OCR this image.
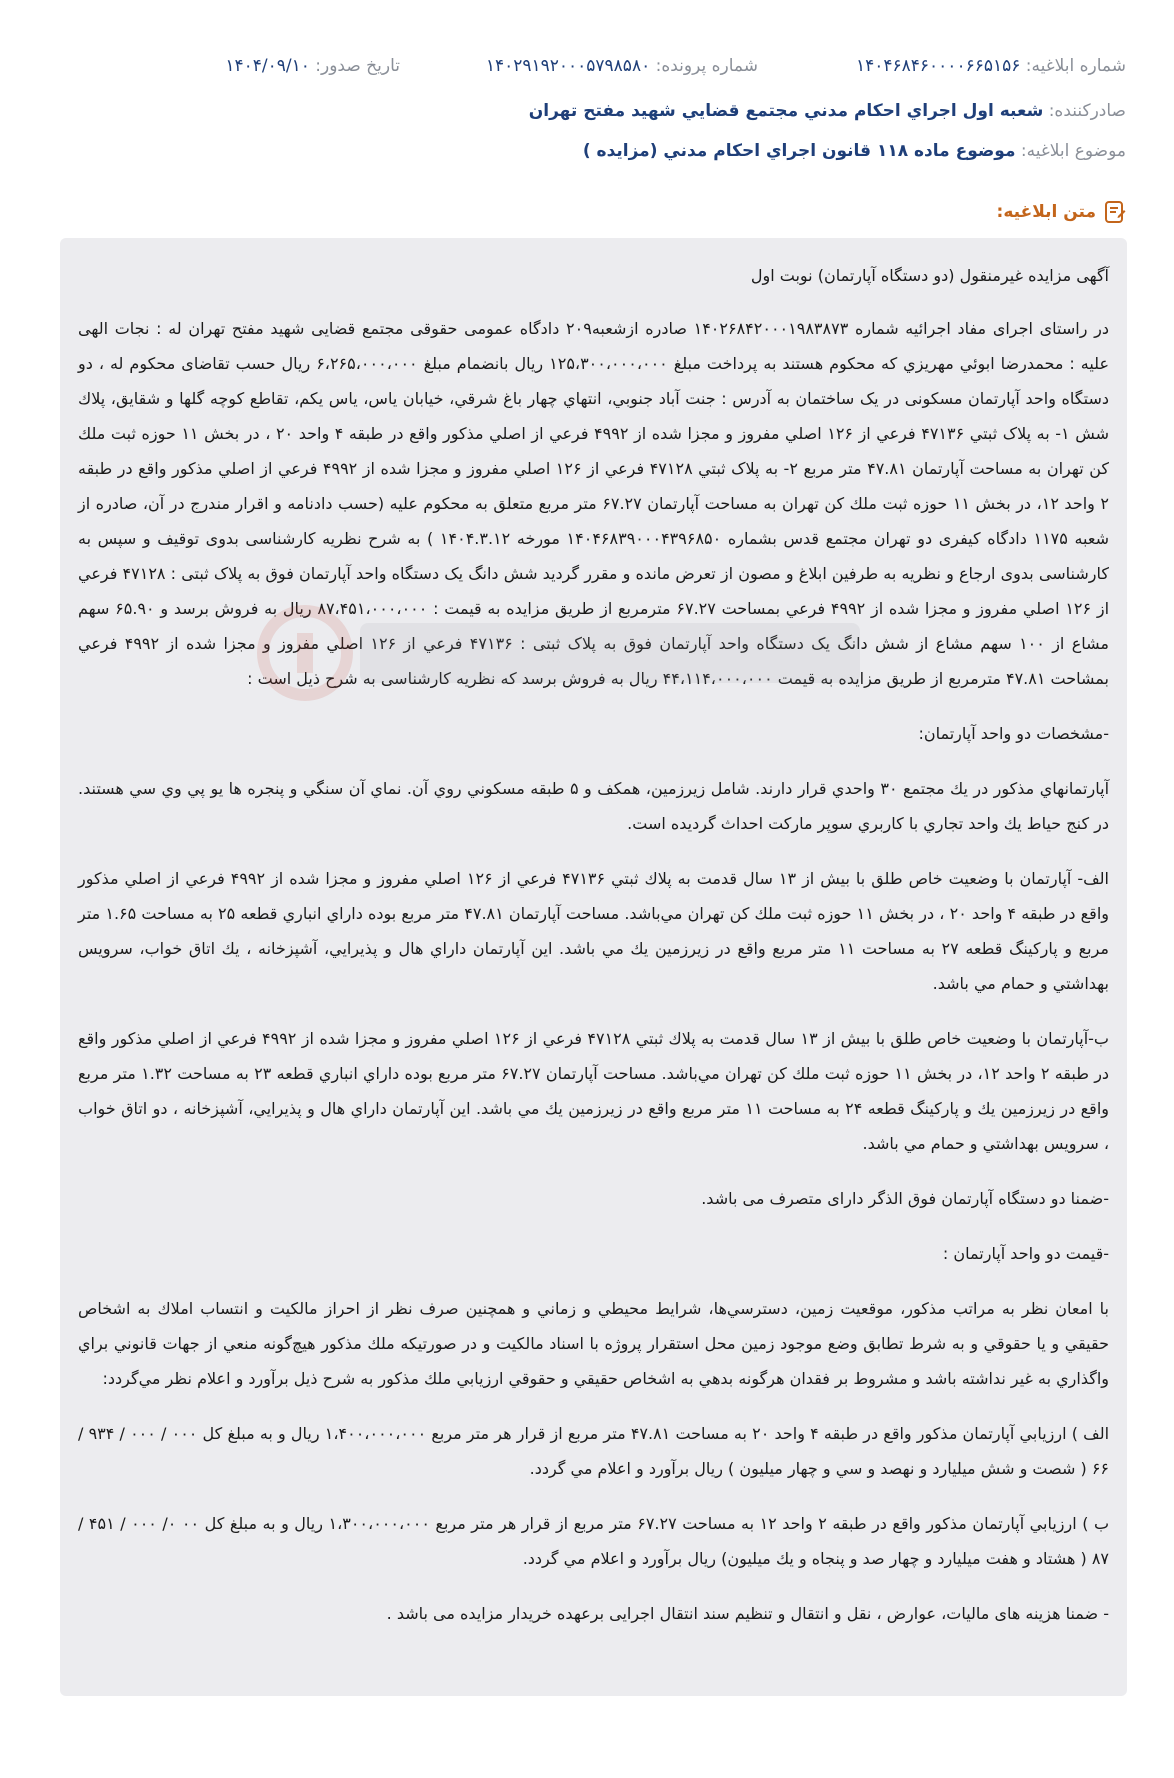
شماره ابلاغيه: ۱۴۰۴۶۸۴۶۰۰۰۰۶۶۵۱۵۶
شماره پرونده: ۱۴۰۲۹۱۹۲۰۰۰۵۷۹۸۵۸۰
تاريخ صدور: ۱۴۰۴/۰۹/۱۰
صادرکننده: شعبه اول اجراي احكام مدني مجتمع قضايي شهيد مفتح تهران
موضوع ابلاغيه: موضوع ماده ۱۱۸ قانون اجراي احكام مدني (مزايده )
متن ابلاغيه:

آگهی مزایده غیرمنقول (دو دستگاه آپارتمان) نوبت اول

در راستای اجرای مفاد اجرائیه شماره ۱۴۰۲۶۸۴۲۰۰۰۱۹۸۳۸۷۳ صادره ازشعبه۲۰۹ دادگاه عمومی حقوقی مجتمع قضایی شهید مفتح تهران له : نجات الهی علیه : محمدرضا ابوئي مهريزي كه محكوم هستند به پرداخت مبلغ ۱۲۵،۳۰۰،۰۰۰،۰۰۰ ريال بانضمام مبلغ ۶،۲۶۵،۰۰۰،۰۰۰ ريال حسب تقاضای محکوم له ، دو دستگاه واحد آپارتمان مسکونی در یک ساختمان به آدرس : جنت آباد جنوبي، انتهاي چهار باغ شرقي، خيابان ياس، ياس يكم، تقاطع كوچه گلها و شقايق، پلاك شش ۱- به پلاک ثبتي ۴۷۱۳۶ فرعي از ۱۲۶ اصلي مفروز و مجزا شده از ۴۹۹۲ فرعي از اصلي مذکور واقع در طبقه ۴ واحد ۲۰ ، در بخش ۱۱ حوزه ثبت ملك كن تهران به مساحت آپارتمان ۴۷.۸۱ متر مربع ۲- به پلاک ثبتي ۴۷۱۲۸ فرعي از ۱۲۶ اصلي مفروز و مجزا شده از ۴۹۹۲ فرعي از اصلي مذکور واقع در طبقه ۲ واحد ۱۲، در بخش ۱۱ حوزه ثبت ملك كن تهران به مساحت آپارتمان ۶۷.۲۷ متر مربع متعلق به محکوم علیه (حسب دادنامه و اقرار مندرج در آن، صادره از شعبه ۱۱۷۵ دادگاه کیفری دو تهران مجتمع قدس بشماره ۱۴۰۴۶۸۳۹۰۰۰۴۳۹۶۸۵۰ مورخه ۱۴۰۴.۳.۱۲ ) به شرح نظریه کارشناسی بدوی توقیف و سپس به کارشناسی بدوی ارجاع و نظریه به طرفین ابلاغ و مصون از تعرض مانده و مقرر گردید شش دانگ یک دستگاه واحد آپارتمان فوق به پلاک ثبتی : ۴۷۱۲۸ فرعي از ۱۲۶ اصلي مفروز و مجزا شده از ۴۹۹۲ فرعي بمساحت ۶۷.۲۷ مترمربع از طریق مزایده به قیمت : ۸۷،۴۵۱،۰۰۰،۰۰۰ ریال به فروش برسد و ۶۵.۹۰ سهم مشاع از ۱۰۰ سهم مشاع از شش دانگ یک دستگاه واحد آپارتمان فوق به پلاک ثبتی : ۴۷۱۳۶ فرعي از ۱۲۶ اصلي مفروز و مجزا شده از ۴۹۹۲ فرعي بمشاحت ۴۷.۸۱ مترمربع از طریق مزایده به قیمت ۴۴،۱۱۴،۰۰۰،۰۰۰ ریال به فروش برسد که نظریه کارشناسی به شرح ذیل است :

-مشخصات دو واحد آپارتمان:

آپارتمانهاي مذكور در يك مجتمع ۳۰ واحدي قرار دارند. شامل زيرزمين، همكف و ۵ طبقه مسكوني روي آن. نماي آن سنگي و پنجره ها يو پي وي سي هستند. در كنج حياط يك واحد تجاري با كاربري سوپر ماركت احداث گرديده است.

الف- آپارتمان با وضعيت خاص طلق با بيش از ۱۳ سال قدمت به پلاك ثبتي ۴۷۱۳۶ فرعي از ۱۲۶ اصلي مفروز و مجزا شده از ۴۹۹۲ فرعي از اصلي مذكور واقع در طبقه ۴ واحد ۲۰ ، در بخش ۱۱ حوزه ثبت ملك كن تهران مي‌باشد. مساحت آپارتمان ۴۷.۸۱ متر مربع بوده داراي انباري قطعه ۲۵ به مساحت ۱.۶۵ متر مربع و پاركينگ قطعه ۲۷ به مساحت ۱۱ متر مربع واقع در زيرزمين يك مي باشد. اين آپارتمان داراي هال و پذيرايي، آشپزخانه ، يك اتاق خواب، سرويس بهداشتي و حمام مي باشد.

ب-آپارتمان با وضعيت خاص طلق با بيش از ۱۳ سال قدمت به پلاك ثبتي ۴۷۱۲۸ فرعي از ۱۲۶ اصلي مفروز و مجزا شده از ۴۹۹۲ فرعي از اصلي مذكور واقع در طبقه ۲ واحد ۱۲، در بخش ۱۱ حوزه ثبت ملك كن تهران مي‌باشد. مساحت آپارتمان ۶۷.۲۷ متر مربع بوده داراي انباري قطعه ۲۳ به مساحت ۱.۳۲ متر مربع واقع در زيرزمين يك و پاركينگ قطعه ۲۴ به مساحت ۱۱ متر مربع واقع در زيرزمين يك مي باشد. اين آپارتمان داراي هال و پذيرايي، آشپزخانه ، دو اتاق خواب ، سرويس بهداشتي و حمام مي باشد.

-ضمنا دو دستگاه آپارتمان فوق الذگر دارای متصرف می باشد.

-قیمت دو واحد آپارتمان :

با امعان نظر به مراتب مذكور، موقعيت زمين، دسترسي‌ها، شرايط محيطي و زماني و همچنين صرف نظر از احراز مالكيت و انتساب املاك به اشخاص حقيقي و يا حقوقي و به شرط تطابق وضع موجود زمين محل استقرار پروژه با اسناد مالكيت و در صورتيكه ملك مذكور هيچ‌گونه منعي از جهات قانوني براي واگذاري به غير نداشته باشد و مشروط بر فقدان هرگونه بدهي به اشخاص حقيقي و حقوقي ارزيابي ملك مذكور به شرح ذيل برآورد و اعلام نظر مي‌گردد:

الف ) ارزيابي آپارتمان مذكور واقع در طبقه ۴ واحد ۲۰ به مساحت ۴۷.۸۱ متر مربع از قرار هر متر مربع ۱،۴۰۰،۰۰۰،۰۰۰ ريال و به مبلغ كل ۰۰۰ / ۰۰۰ / ۹۳۴ / ۶۶ ( شصت و شش ميليارد و نهصد و سي و چهار ميليون ) ريال برآورد و اعلام مي گردد.

ب ) ارزيابي آپارتمان مذكور واقع در طبقه ۲ واحد ۱۲ به مساحت ۶۷.۲۷ متر مربع از قرار هر متر مربع ۱،۳۰۰،۰۰۰،۰۰۰ ريال و به مبلغ كل ۰۰ ۰/ ۰۰۰ / ۴۵۱ / ۸۷ ( هشتاد و هفت ميليارد و چهار صد و پنجاه و يك ميليون) ريال برآورد و اعلام مي گردد.

- ضمنا هزینه های مالیات، عوارض ، نقل و انتقال و تنظیم سند انتقال اجرایی برعهده خریدار مزایده می باشد .
